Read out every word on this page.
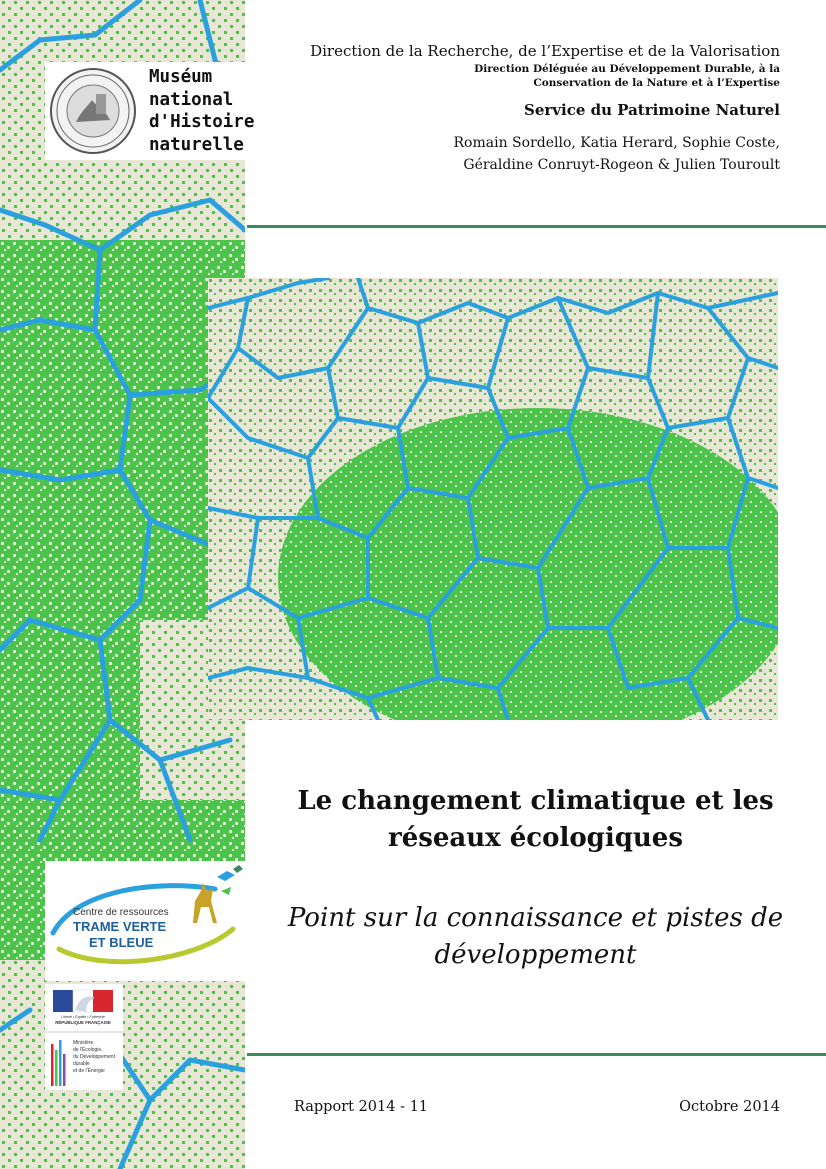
Muséum
national
d'Histoire
naturelle
Direction de la Recherche, de l’Expertise et de la Valorisation
Direction Déléguée au Développement Durable, à la
Conservation de la Nature et à l’Expertise
Service du Patrimoine Naturel
Romain Sordello, Katia Herard, Sophie Coste,
Géraldine Conruyt-Rogeon & Julien Touroult
Le changement climatique et les
réseaux écologiques
Point sur la connaissance et pistes de
développement
Centre de ressources
TRAME VERTE
ET BLEUE
Liberté • Égalité • Fraternité
RÉPUBLIQUE FRANÇAISE
Ministère
de l'Écologie,
du Développement
durable
et de l'Énergie
Rapport 2014 - 11	Octobre 2014
